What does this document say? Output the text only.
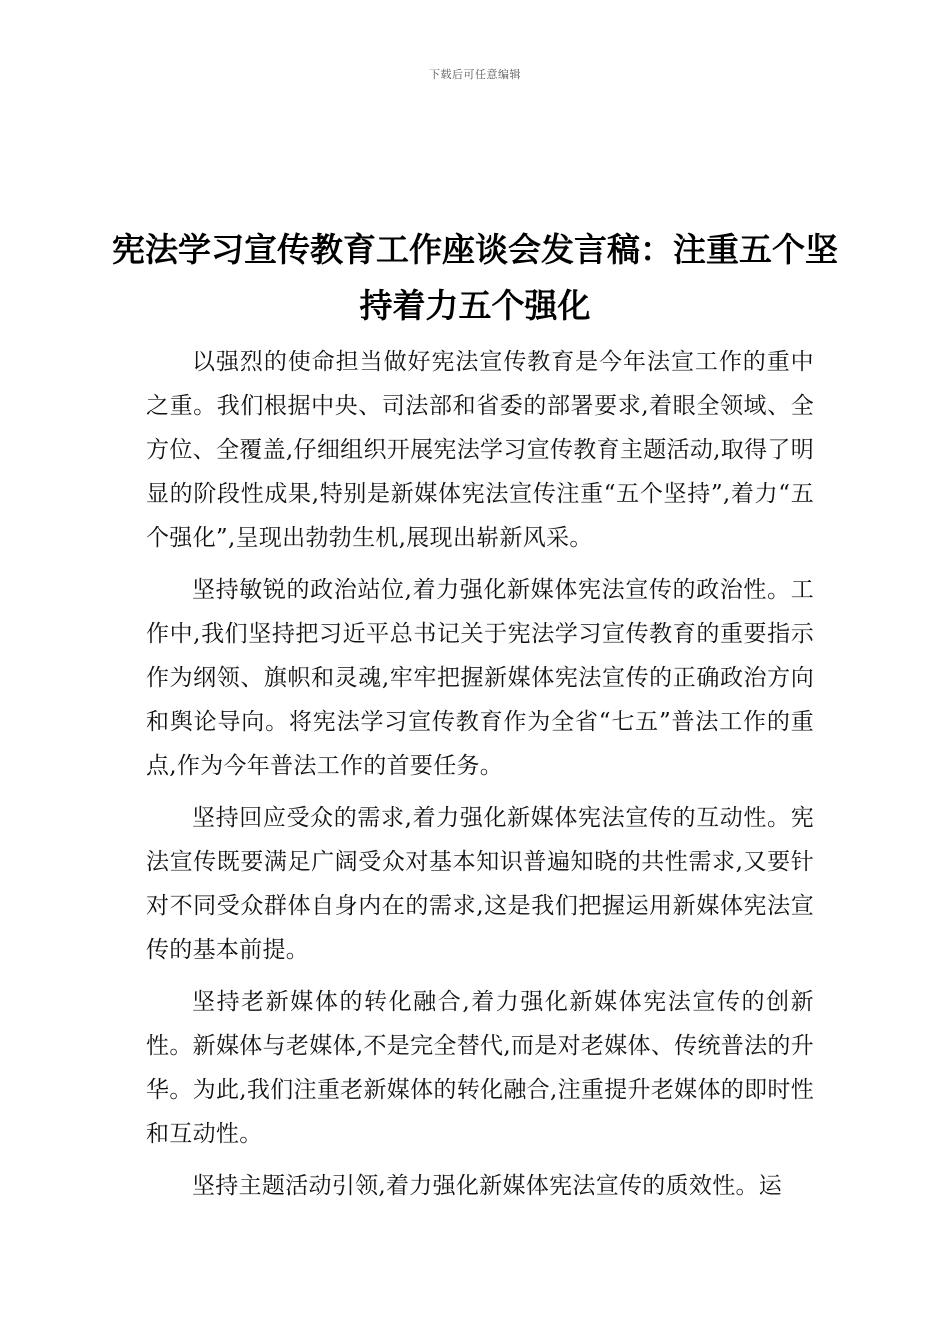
下载后可任意编辑
宪法学习宣传教育工作座谈会发言稿：注重五个坚持着力五个强化

以强烈的使命担当做好宪法宣传教育是今年法宣工作的重中之重。我们根据中央、司法部和省委的部署要求,着眼全领域、全方位、全覆盖,仔细组织开展宪法学习宣传教育主题活动,取得了明显的阶段性成果,特别是新媒体宪法宣传注重“五个坚持”,着力“五个强化”,呈现出勃勃生机,展现出崭新风采。

坚持敏锐的政治站位,着力强化新媒体宪法宣传的政治性。工作中,我们坚持把习近平总书记关于宪法学习宣传教育的重要指示作为纲领、旗帜和灵魂,牢牢把握新媒体宪法宣传的正确政治方向和舆论导向。将宪法学习宣传教育作为全省“七五”普法工作的重点,作为今年普法工作的首要任务。

坚持回应受众的需求,着力强化新媒体宪法宣传的互动性。宪法宣传既要满足广阔受众对基本知识普遍知晓的共性需求,又要针对不同受众群体自身内在的需求,这是我们把握运用新媒体宪法宣传的基本前提。

坚持老新媒体的转化融合,着力强化新媒体宪法宣传的创新性。新媒体与老媒体,不是完全替代,而是对老媒体、传统普法的升华。为此,我们注重老新媒体的转化融合,注重提升老媒体的即时性和互动性。

坚持主题活动引领,着力强化新媒体宪法宣传的质效性。运
